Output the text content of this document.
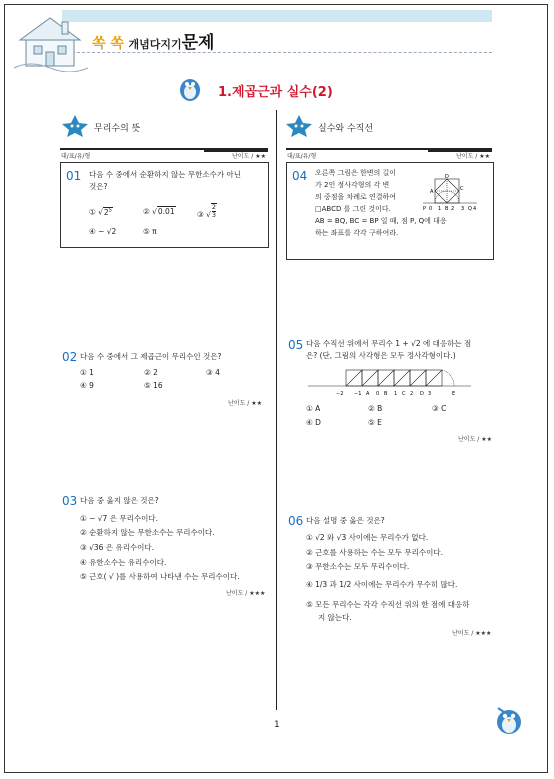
쏙 쏙 개념다지기문제
1.제곱근과 실수(2)
무리수의 뜻
대/표/유/형	난이도 / ★★
01 다음 수 중에서 순환하지 않는 무한소수가 아닌
것은?
① $√2^5$	② √0.01	③ √ $\frac{2}{3}$
④ − √2	⑤ π
02 다음 수 중에서 그 제곱근이 무리수인 것은?
① 1	② 2	③ 4
④ 9	⑤ 16
난이도 / ★★
03 다음 중 옳지 않은 것은?
① − √7 은 무리수이다.
② 순환하지 않는 무한소수는 무리수이다.
③ √36 은 유리수이다.
④ 유한소수는 유리수이다.
⑤ 근호( √ )를 사용하여 나타낸 수는 무리수이다.
난이도 / ★★★
실수와 수직선
대/표/유/형	난이도 / ★★
04 오른쪽 그림은 한변의 길이
가 2인 정사각형의 각 변
의 중점을 차례로 연결하여
□ABCD 를 그린 것이다.
AB = BQ, BC = BP 일 때, 점 P, Q에 대응
하는 좌표를 각각 구하여라.
D
A	C
B
P 0 1 2 3 4
Q
05 다음 수직선 위에서 무리수 1 + √2 에 대응하는 점
은? (단, 그림의 사각형은 모두 정사각형이다.)
−2 −1 A 0 B 1 C 2 D 3	E
① A	② B	③ C
④ D	⑤ E
난이도 / ★★
06 다음 설명 중 옳은 것은?
① √2 와 √3 사이에는 무리수가 없다.
② 근호를 사용하는 수는 모두 무리수이다.
③ 무한소수는 모두 무리수이다.
④ 1/3 과 1/2 사이에는 무리수가 무수히 많다.
⑤ 모든 무리수는 각각 수직선 위의 한 점에 대응하
지 않는다.
난이도 / ★★★
1
